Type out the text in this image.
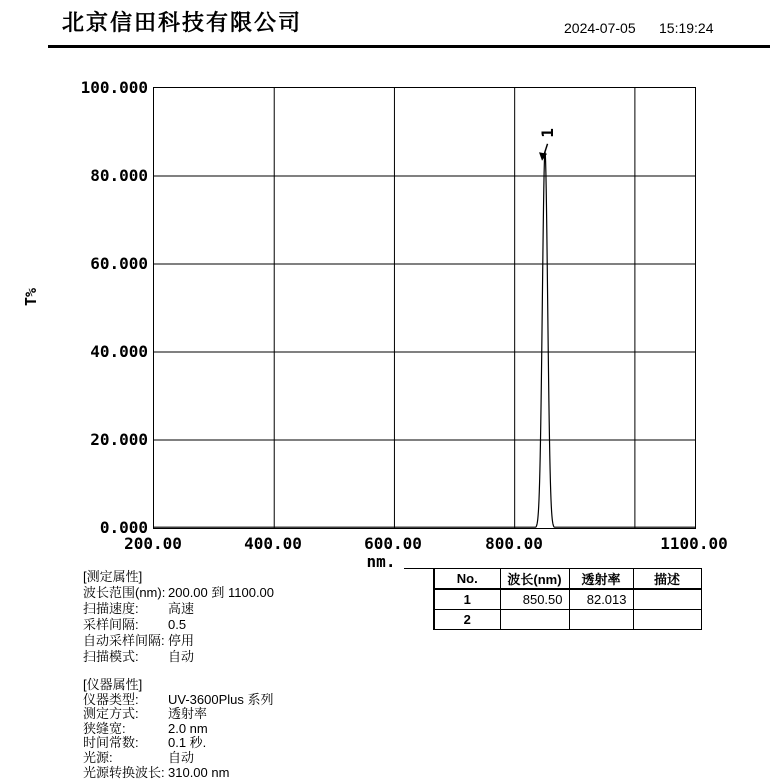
北京信田科技有限公司	2024-07-05 15:19:24
T%
100.000
80.000
60.000
40.000
20.000
0.000
1
200.00	400.00	600.00	800.00	1100.00
nm.
No.	波长(nm)	透射率	描述
1	850.50	82.013	
2			
[测定属性]
波长范围(nm): 200.00 到 1100.00
扫描速度:	高速
采样间隔:	0.5
自动采样间隔: 停用
扫描模式:	自动
[仪器属性]
仪器类型:	UV-3600Plus 系列
测定方式:	透射率
狭缝宽:	2.0 nm
时间常数:	0.1 秒.
光源:	自动
光源转换波长: 310.00 nm
